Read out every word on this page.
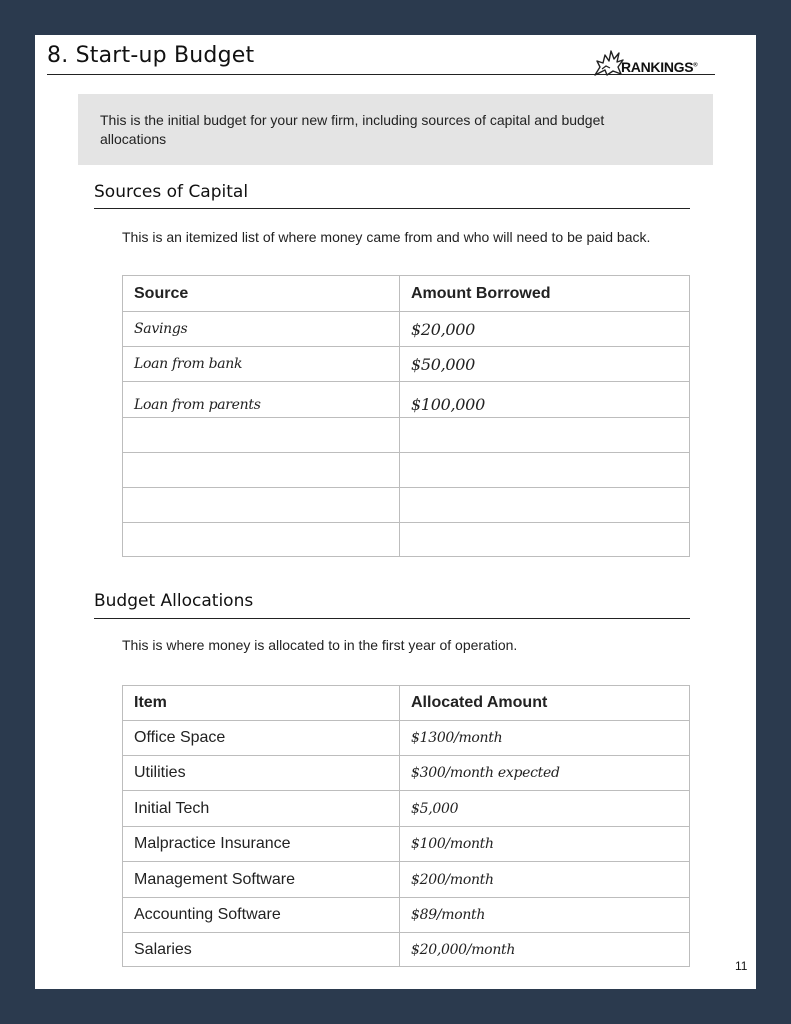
8. Start-up Budget	RANKINGS®
This is the initial budget for your new firm, including sources of capital and budget allocations
Sources of Capital
This is an itemized list of where money came from and who will need to be paid back.
Source	Amount Borrowed
Savings	$20,000
Loan from bank	$50,000
Loan from parents	$100,000

Budget Allocations
This is where money is allocated to in the first year of operation.
Item	Allocated Amount
Office Space	$1300/month
Utilities	$300/month expected
Initial Tech	$5,000
Malpractice Insurance	$100/month
Management Software	$200/month
Accounting Software	$89/month
Salaries	$20,000/month
11
